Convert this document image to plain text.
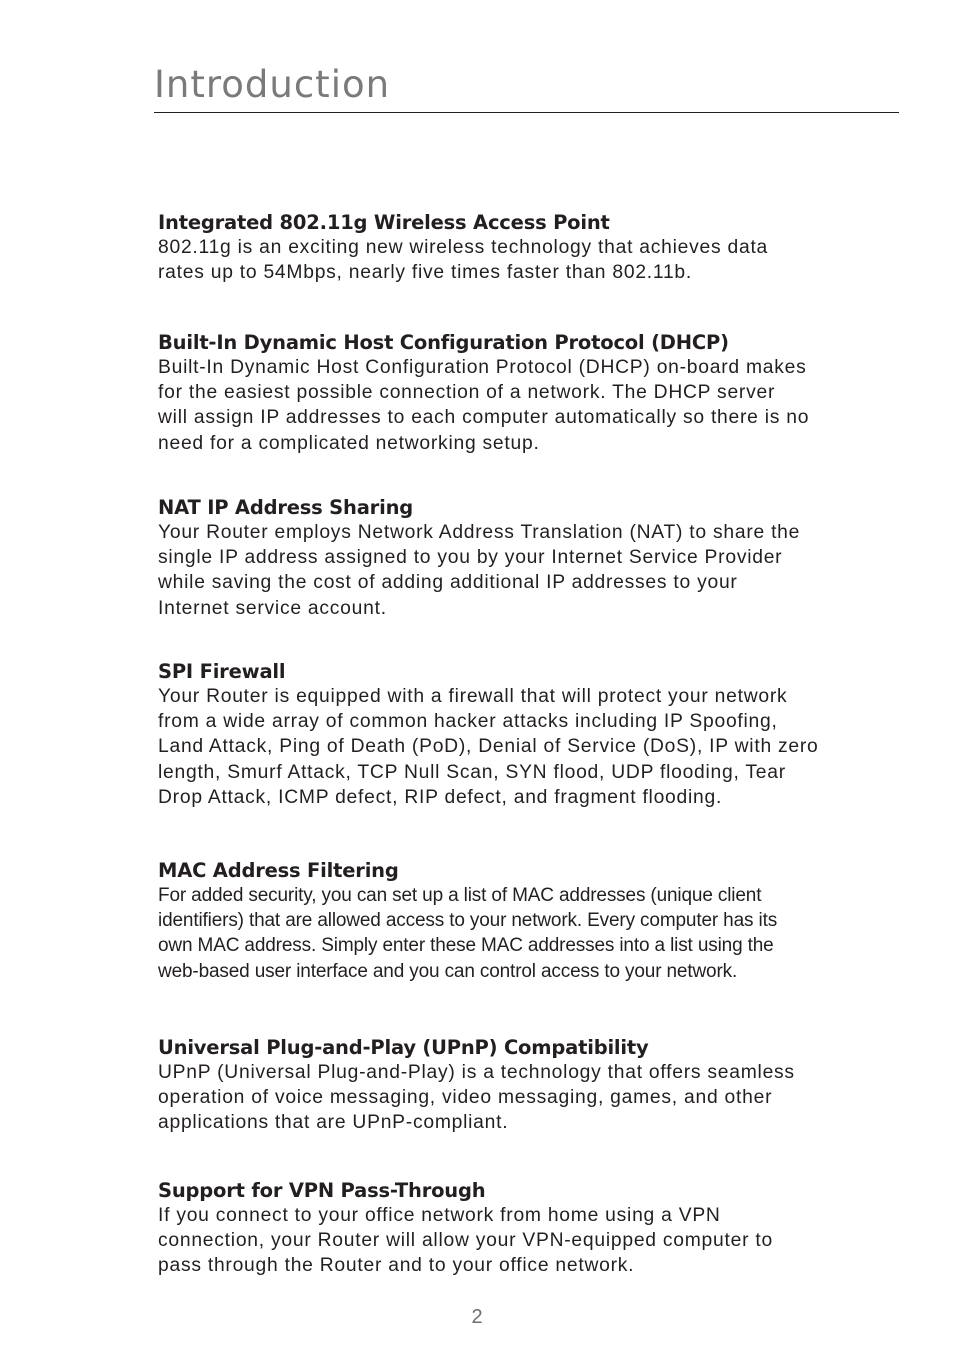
Introduction
Integrated 802.11g Wireless Access Point
802.11g is an exciting new wireless technology that achieves data
rates up to 54Mbps, nearly five times faster than 802.11b.
Built-In Dynamic Host Configuration Protocol (DHCP)
Built-In Dynamic Host Configuration Protocol (DHCP) on-board makes
for the easiest possible connection of a network. The DHCP server
will assign IP addresses to each computer automatically so there is no
need for a complicated networking setup.
NAT IP Address Sharing
Your Router employs Network Address Translation (NAT) to share the
single IP address assigned to you by your Internet Service Provider
while saving the cost of adding additional IP addresses to your
Internet service account.
SPI Firewall
Your Router is equipped with a firewall that will protect your network
from a wide array of common hacker attacks including IP Spoofing,
Land Attack, Ping of Death (PoD), Denial of Service (DoS), IP with zero
length, Smurf Attack, TCP Null Scan, SYN flood, UDP flooding, Tear
Drop Attack, ICMP defect, RIP defect, and fragment flooding.
MAC Address Filtering
For added security, you can set up a list of MAC addresses (unique client
identifiers) that are allowed access to your network. Every computer has its
own MAC address. Simply enter these MAC addresses into a list using the
web-based user interface and you can control access to your network.
Universal Plug-and-Play (UPnP) Compatibility
UPnP (Universal Plug-and-Play) is a technology that offers seamless
operation of voice messaging, video messaging, games, and other
applications that are UPnP-compliant.
Support for VPN Pass-Through
If you connect to your office network from home using a VPN
connection, your Router will allow your VPN-equipped computer to
pass through the Router and to your office network.
2
